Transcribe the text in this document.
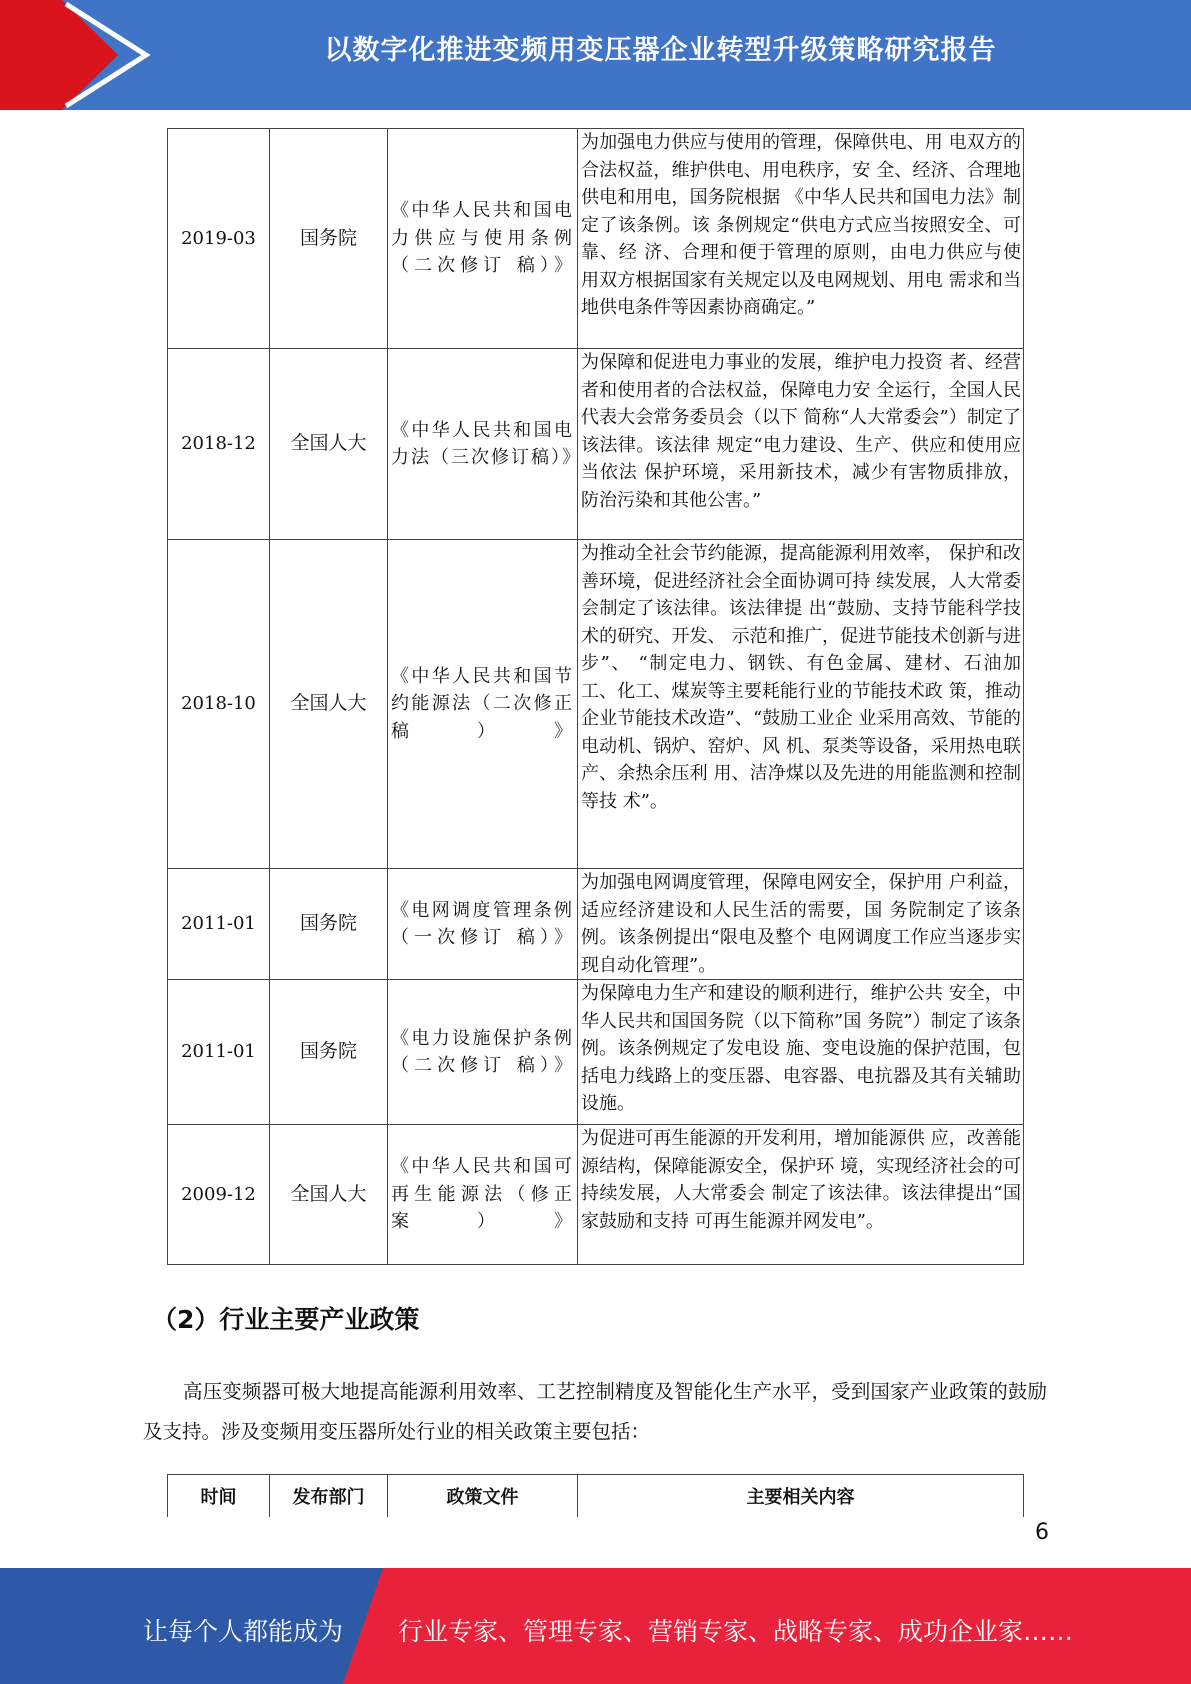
以数字化推进变频用变压器企业转型升级策略研究报告
2019-03	国务院	《中华人民共和国电力供应与使用条例（二次修订 稿）》	为加强电力供应与使用的管理，保障供电、用 电双方的合法权益，维护供电、用电秩序，安 全、经济、合理地供电和用电，国务院根据 《中华人民共和国电力法》制定了该条例。该 条例规定“供电方式应当按照安全、可靠、经 济、合理和便于管理的原则，由电力供应与使 用双方根据国家有关规定以及电网规划、用电 需求和当地供电条件等因素协商确定。”
2018-12	全国人大	《中华人民共和国电力法（三次修订稿）》	为保障和促进电力事业的发展，维护电力投资 者、经营者和使用者的合法权益，保障电力安 全运行，全国人民代表大会常务委员会（以下 简称“人大常委会”）制定了该法律。该法律 规定“电力建设、生产、供应和使用应当依法 保护环境，采用新技术，减少有害物质排放， 防治污染和其他公害。”
2018-10	全国人大	《中华人民共和国节约能源法（二次修正稿）》	为推动全社会节约能源，提高能源利用效率， 保护和改善环境，促进经济社会全面协调可持 续发展，人大常委会制定了该法律。该法律提 出“鼓励、支持节能科学技术的研究、开发、 示范和推广，促进节能技术创新与进步”、 “制定电力、钢铁、有色金属、建材、石油加 工、化工、煤炭等主要耗能行业的节能技术政 策，推动企业节能技术改造”、“鼓励工业企 业采用高效、节能的电动机、锅炉、窑炉、风 机、泵类等设备，采用热电联产、余热余压利 用、洁净煤以及先进的用能监测和控制等技 术”。
2011-01	国务院	《电网调度管理条例（一次修订 稿）》	为加强电网调度管理，保障电网安全，保护用 户利益，适应经济建设和人民生活的需要，国 务院制定了该条例。该条例提出“限电及整个 电网调度工作应当逐步实现自动化管理”。
2011-01	国务院	《电力设施保护条例（二次修订 稿）》	为保障电力生产和建设的顺利进行，维护公共 安全，中华人民共和国国务院（以下简称”国 务院”）制定了该条例。该条例规定了发电设 施、变电设施的保护范围，包括电力线路上的变压器、电容器、电抗器及其有关辅助设施。
2009-12	全国人大	《中华人民共和国可再生能源法（修正案）》	为促进可再生能源的开发利用，增加能源供 应，改善能源结构，保障能源安全，保护环 境，实现经济社会的可持续发展，人大常委会 制定了该法律。该法律提出“国家鼓励和支持 可再生能源并网发电”。
（2）行业主要产业政策
高压变频器可极大地提高能源利用效率、工艺控制精度及智能化生产水平，受到国家产业政策的鼓励及支持。涉及变频用变压器所处行业的相关政策主要包括：
时间	发布部门	政策文件	主要相关内容
6
让每个人都能成为 行业专家、管理专家、营销专家、战略专家、成功企业家……
